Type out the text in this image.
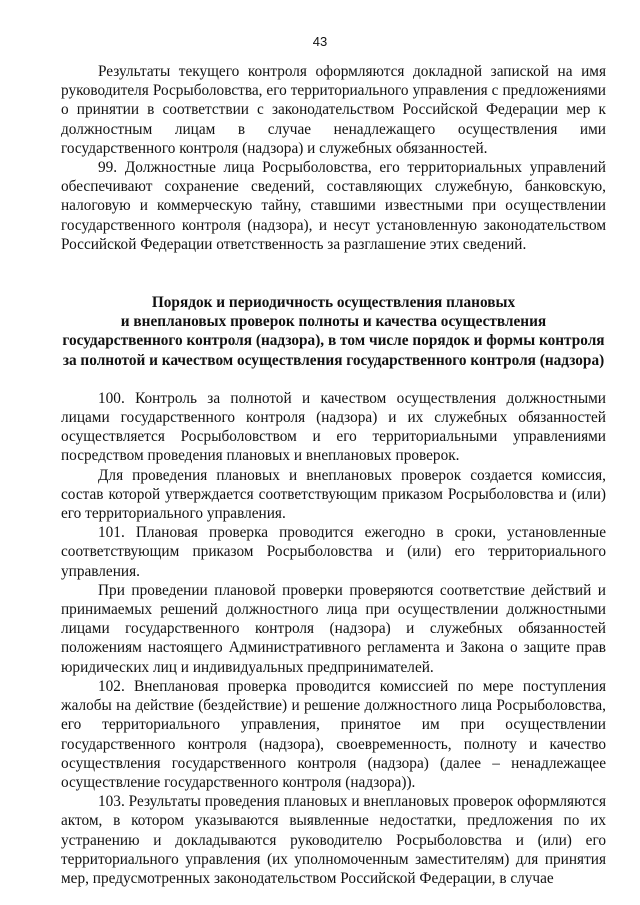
43

Результаты текущего контроля оформляются докладной запиской на имя руководителя Росрыболовства, его территориального управления с предложениями о принятии в соответствии с законодательством Российской Федерации мер к должностным лицам в случае ненадлежащего осуществления ими государственного контроля (надзора) и служебных обязанностей.

99. Должностные лица Росрыболовства, его территориальных управлений обеспечивают сохранение сведений, составляющих служебную, банковскую, налоговую и коммерческую тайну, ставшими известными при осуществлении государственного контроля (надзора), и несут установленную законодательством Российской Федерации ответственность за разглашение этих сведений.

Порядок и периодичность осуществления плановых
и внеплановых проверок полноты и качества осуществления
государственного контроля (надзора), в том числе порядок и формы контроля
за полнотой и качеством осуществления государственного контроля (надзора)

100. Контроль за полнотой и качеством осуществления должностными лицами государственного контроля (надзора) и их служебных обязанностей осуществляется Росрыболовством и его территориальными управлениями посредством проведения плановых и внеплановых проверок.

Для проведения плановых и внеплановых проверок создается комиссия, состав которой утверждается соответствующим приказом Росрыболовства и (или) его территориального управления.

101. Плановая проверка проводится ежегодно в сроки, установленные соответствующим приказом Росрыболовства и (или) его территориального управления.

При проведении плановой проверки проверяются соответствие действий и принимаемых решений должностного лица при осуществлении должностными лицами государственного контроля (надзора) и служебных обязанностей положениям настоящего Административного регламента и Закона о защите прав юридических лиц и индивидуальных предпринимателей.

102. Внеплановая проверка проводится комиссией по мере поступления жалобы на действие (бездействие) и решение должностного лица Росрыболовства, его территориального управления, принятое им при осуществлении государственного контроля (надзора), своевременность, полноту и качество осуществления государственного контроля (надзора) (далее – ненадлежащее осуществление государственного контроля (надзора)).

103. Результаты проведения плановых и внеплановых проверок оформляются актом, в котором указываются выявленные недостатки, предложения по их устранению и докладываются руководителю Росрыболовства и (или) его территориального управления (их уполномоченным заместителям) для принятия мер, предусмотренных законодательством Российской Федерации, в случае
